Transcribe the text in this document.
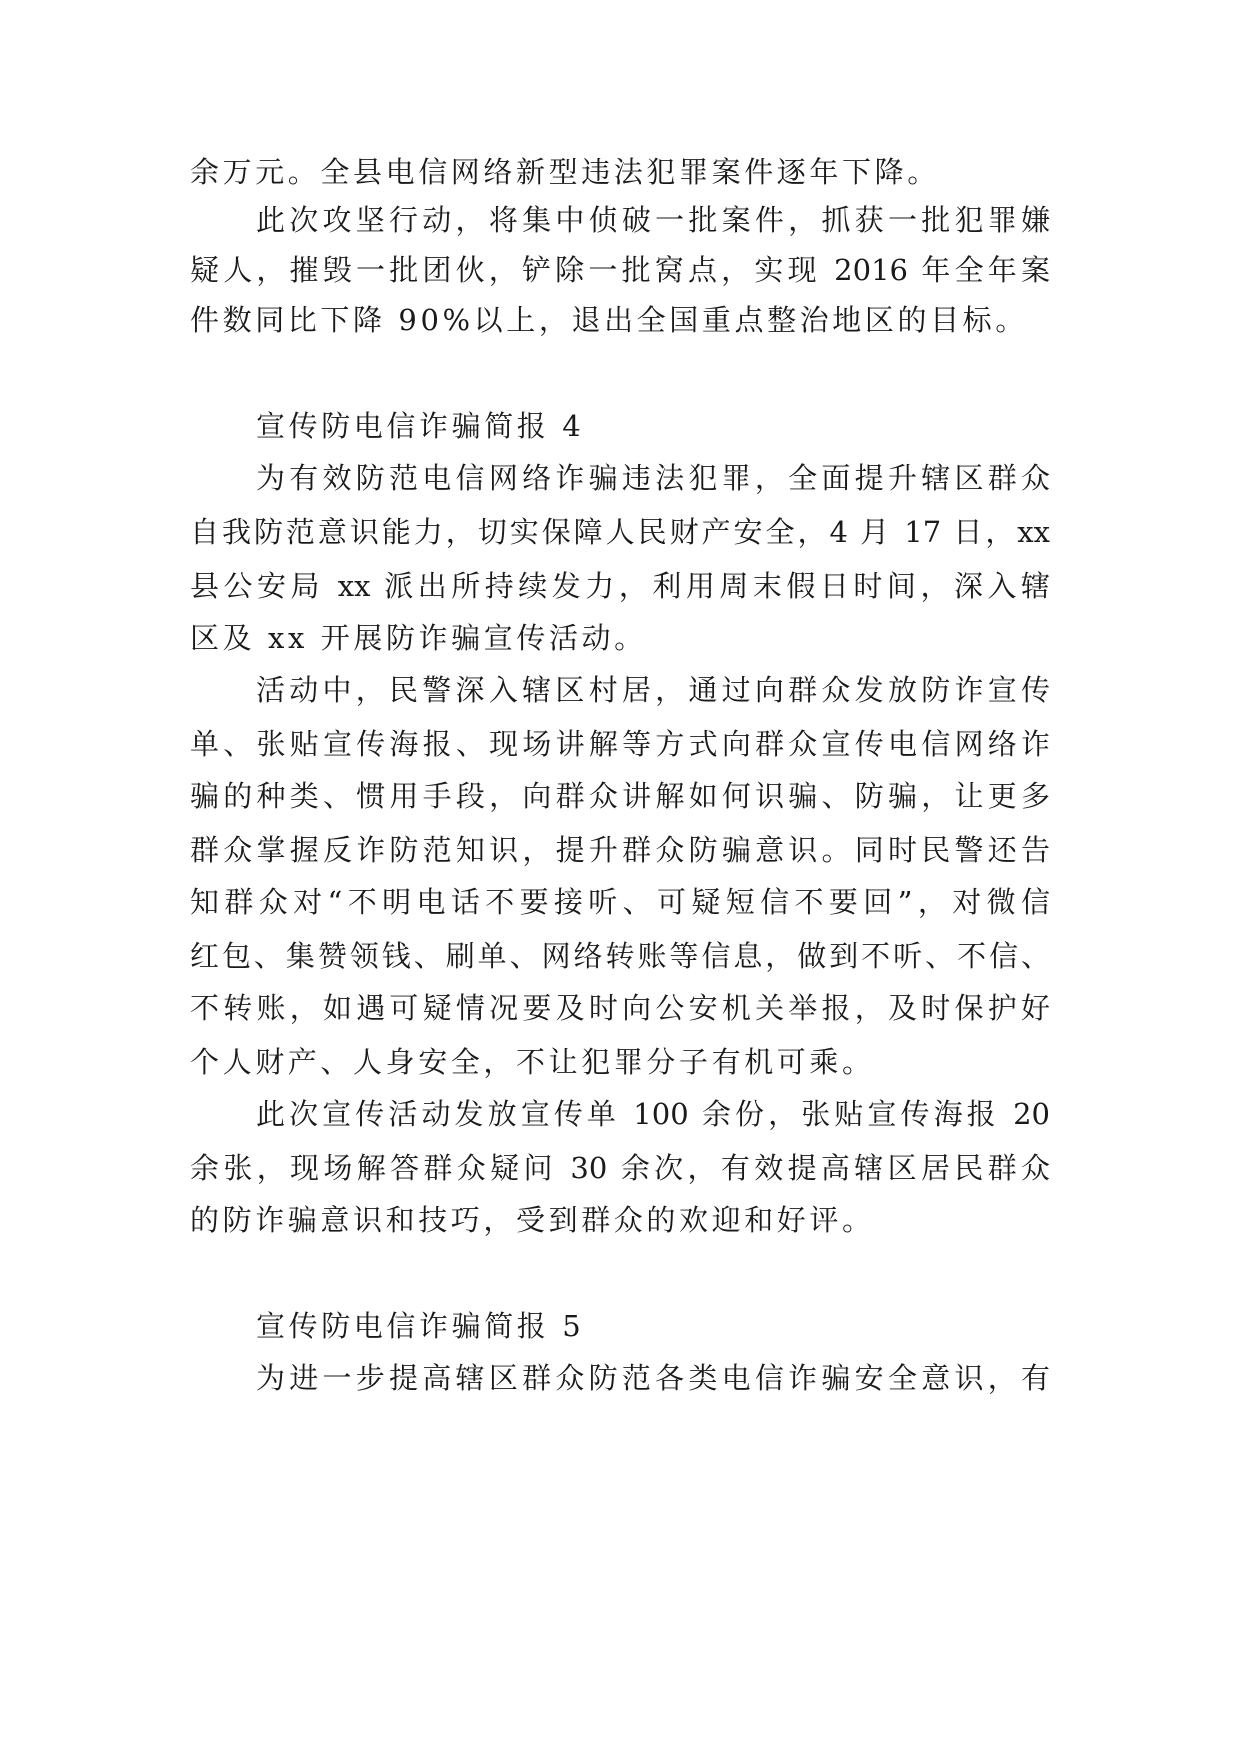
余万元。全县电信网络新型违法犯罪案件逐年下降。
此次攻坚行动，将集中侦破一批案件，抓获一批犯罪嫌
疑人，摧毁一批团伙，铲除一批窝点，实现 2016 年全年案
件数同比下降 90%以上，退出全国重点整治地区的目标。
宣传防电信诈骗简报 4
为有效防范电信网络诈骗违法犯罪，全面提升辖区群众
自我防范意识能力，切实保障人民财产安全，4 月 17 日，xx
县公安局 xx 派出所持续发力，利用周末假日时间，深入辖
区及 xx 开展防诈骗宣传活动。
活动中，民警深入辖区村居，通过向群众发放防诈宣传
单、张贴宣传海报、现场讲解等方式向群众宣传电信网络诈
骗的种类、惯用手段，向群众讲解如何识骗、防骗，让更多
群众掌握反诈防范知识，提升群众防骗意识。同时民警还告
知群众对“不明电话不要接听、可疑短信不要回”，对微信
红包、集赞领钱、刷单、网络转账等信息，做到不听、不信、
不转账，如遇可疑情况要及时向公安机关举报，及时保护好
个人财产、人身安全，不让犯罪分子有机可乘。
此次宣传活动发放宣传单 100 余份，张贴宣传海报 20
余张，现场解答群众疑问 30 余次，有效提高辖区居民群众
的防诈骗意识和技巧，受到群众的欢迎和好评。
宣传防电信诈骗简报 5
为进一步提高辖区群众防范各类电信诈骗安全意识，有
